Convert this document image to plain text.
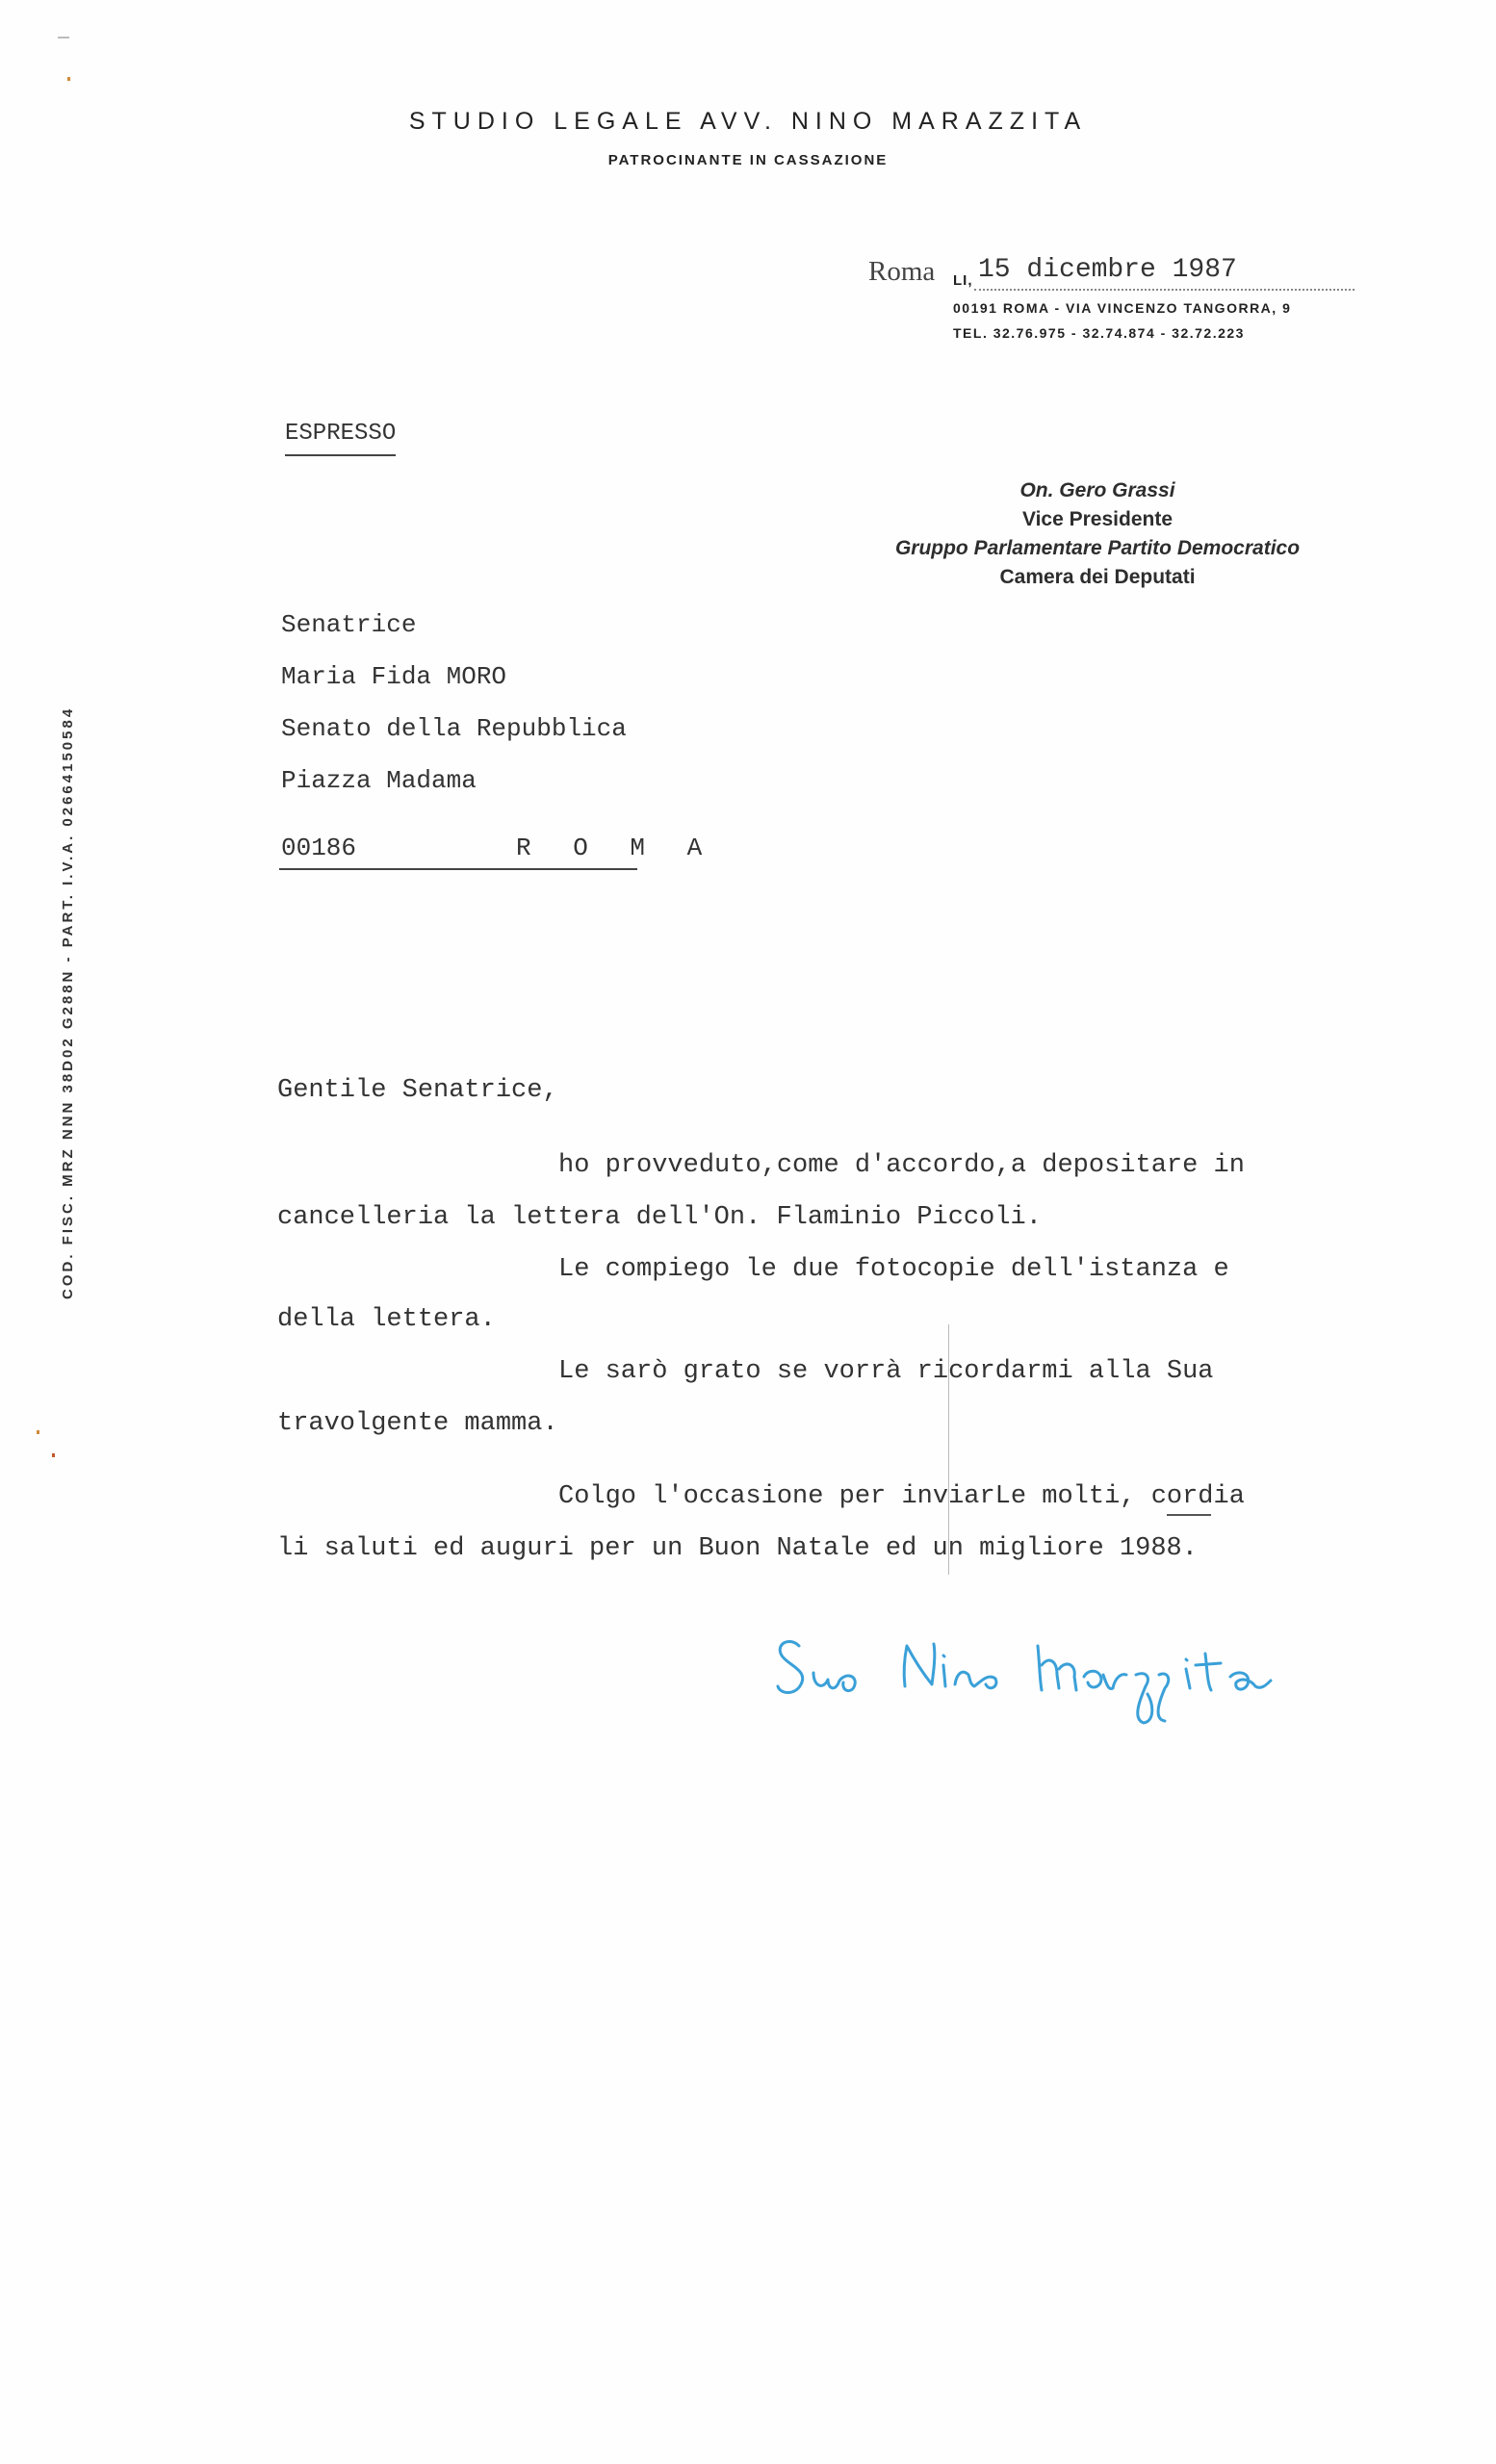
STUDIO LEGALE AVV. NINO MARAZZITA
PATROCINANTE IN CASSAZIONE
Roma LI, 15 dicembre 1987
00191 ROMA - VIA VINCENZO TANGORRA, 9
TEL. 32.76.975 - 32.74.874 - 32.72.223
ESPRESSO
On. Gero Grassi
Vice Presidente
Gruppo Parlamentare Partito Democratico
Camera dei Deputati
Senatrice
Maria Fida MORO
Senato della Repubblica
Piazza Madama
00186	R O M A
Gentile Senatrice,
ho provveduto,come d'accordo,a depositare in
cancelleria la lettera dell'On. Flaminio Piccoli.
Le compiego le due fotocopie dell'istanza e
della lettera.
Le sarò grato se vorrà ricordarmi alla Sua
travolgente mamma.
Colgo l'occasione per inviarLe molti, cordia
li saluti ed auguri per un Buon Natale ed un migliore 1988.
COD. FISC. MRZ NNN 38D02 G288N - PART. I.V.A. 02664150584
